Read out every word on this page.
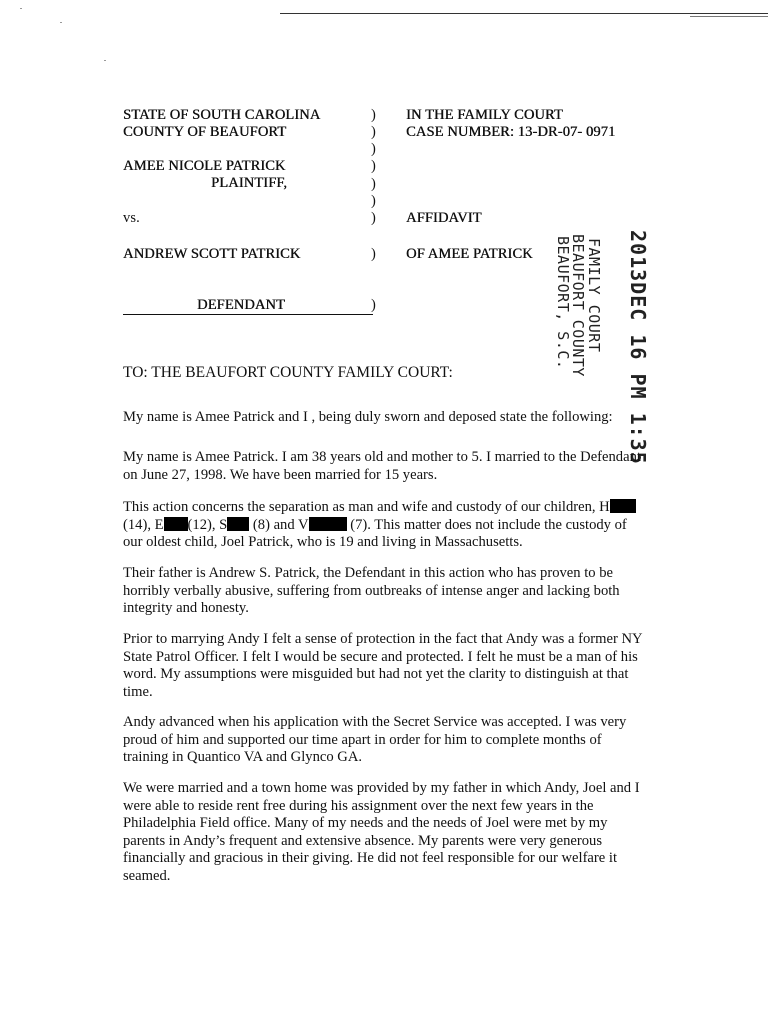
STATE OF SOUTH CAROLINA
COUNTY OF BEAUFORT
AMEE NICOLE PATRICK
PLAINTIFF,
vs.
ANDREW SCOTT PATRICK
DEFENDANT
)
)
)
)
)
)
)
)
)
IN THE FAMILY COURT
CASE NUMBER: 13-DR-07- 0971
AFFIDAVIT
OF AMEE PATRICK	2013DEC 16 PM 1:35
FAMILY COURT
BEAUFORT COUNTY
BEAUFORT, S.C.
TO: THE BEAUFORT COUNTY FAMILY COURT:

My name is Amee Patrick and I , being duly sworn and deposed state the following:

My name is Amee Patrick. I am 38 years old and mother to 5. I married to the Defendant on June 27, 1998. We have been married for 15 years.

This action concerns the separation as man and wife and custody of our children, H (14), E (12), S (8) and V	(7). This matter does not include the custody of our oldest child, Joel Patrick, who is 19 and living in Massachusetts.

Their father is Andrew S. Patrick, the Defendant in this action who has proven to be horribly verbally abusive, suffering from outbreaks of intense anger and lacking both integrity and honesty.

Prior to marrying Andy I felt a sense of protection in the fact that Andy was a former NY State Patrol Officer. I felt I would be secure and protected. I felt he must be a man of his word. My assumptions were misguided but had not yet the clarity to distinguish at that time.

Andy advanced when his application with the Secret Service was accepted. I was very proud of him and supported our time apart in order for him to complete months of training in Quantico VA and Glynco GA.

We were married and a town home was provided by my father in which Andy, Joel and I were able to reside rent free during his assignment over the next few years in the Philadelphia Field office. Many of my needs and the needs of Joel were met by my parents in Andy’s frequent and extensive absence. My parents were very generous financially and gracious in their giving. He did not feel responsible for our welfare it seamed.
